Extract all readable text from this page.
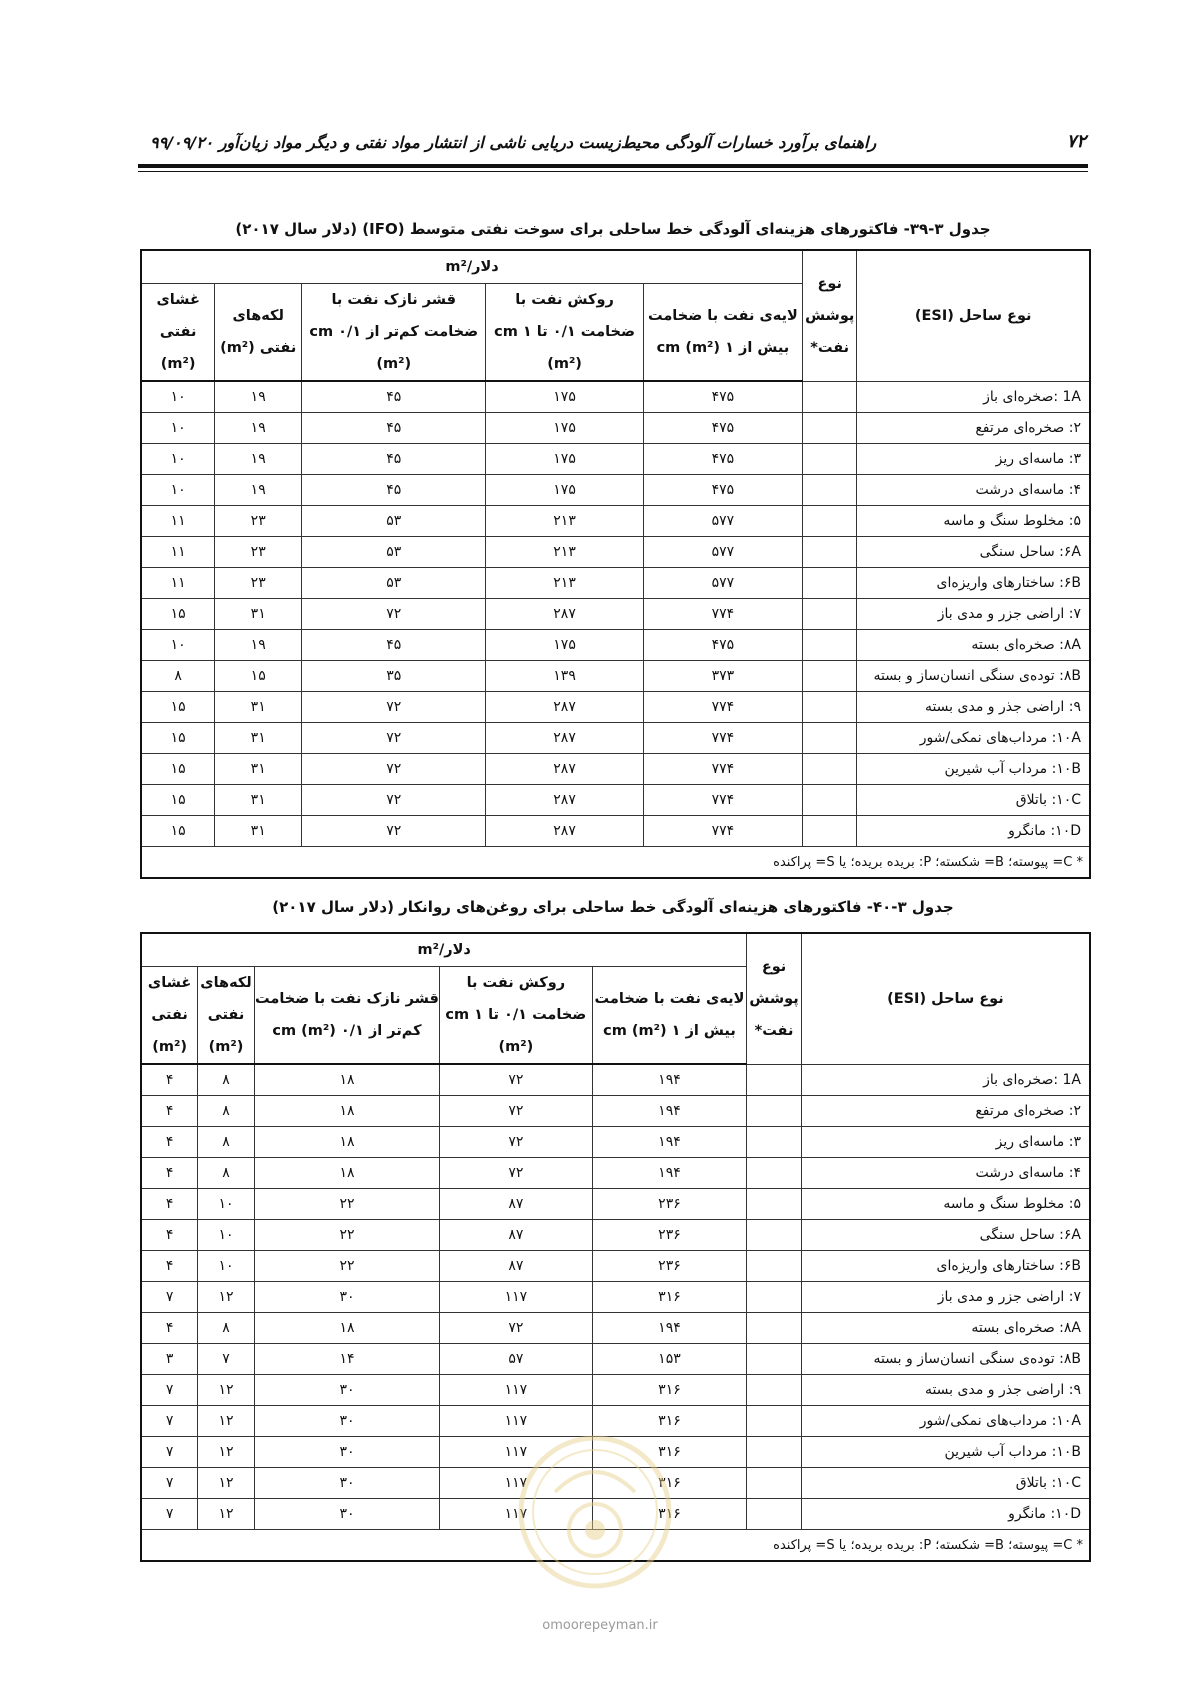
۷۲
راهنمای برآورد خسارات آلودگی محیط‌زیست دریایی ناشی از انتشار مواد نفتی و دیگر مواد زیان‌آور ۹۹/۰۹/۲۰
جدول ۳-۳۹- فاکتورهای هزینه‌ای آلودگی خط ساحلی برای سوخت نفتی متوسط (IFO) (دلار سال ۲۰۱۷)
نوع ساحل (ESI)	نوع پوشش نفت*	دلار/m²				
		لایه‌ی نفت با ضخامت بیش از ۱ cm (m²)	روکش نفت با ضخامت ۰/۱ تا ۱ cm (m²)	قشر نازک نفت با ضخامت کم‌تر از ۰/۱ cm (m²)	لکه‌های نفتی (m²)	غشای نفتی (m²)
1A :صخره‌ای باز		۴۷۵	۱۷۵	۴۵	۱۹	۱۰
۲: صخره‌ای مرتفع		۴۷۵	۱۷۵	۴۵	۱۹	۱۰
۳: ماسه‌ای ریز		۴۷۵	۱۷۵	۴۵	۱۹	۱۰
۴: ماسه‌ای درشت		۴۷۵	۱۷۵	۴۵	۱۹	۱۰
۵: مخلوط سنگ و ماسه		۵۷۷	۲۱۳	۵۳	۲۳	۱۱
۶A: ساحل سنگی		۵۷۷	۲۱۳	۵۳	۲۳	۱۱
۶B: ساختارهای واریزه‌ای		۵۷۷	۲۱۳	۵۳	۲۳	۱۱
۷: اراضی جزر و مدی باز		۷۷۴	۲۸۷	۷۲	۳۱	۱۵
۸A: صخره‌ای بسته		۴۷۵	۱۷۵	۴۵	۱۹	۱۰
۸B: توده‌ی سنگی انسان‌ساز و بسته		۳۷۳	۱۳۹	۳۵	۱۵	۸
۹: اراضی جذر و مدی بسته		۷۷۴	۲۸۷	۷۲	۳۱	۱۵
۱۰A: مرداب‌های نمکی/شور		۷۷۴	۲۸۷	۷۲	۳۱	۱۵
۱۰B: مرداب آب شیرین		۷۷۴	۲۸۷	۷۲	۳۱	۱۵
۱۰C: باتلاق		۷۷۴	۲۸۷	۷۲	۳۱	۱۵
۱۰D: مانگرو		۷۷۴	۲۸۷	۷۲	۳۱	۱۵
* C= پیوسته؛ B= شکسته؛ P: بریده بریده؛ یا S= پراکنده						
جدول ۳-۴۰- فاکتورهای هزینه‌ای آلودگی خط ساحلی برای روغن‌های روانکار (دلار سال ۲۰۱۷)
نوع ساحل (ESI)	نوع پوشش نفت*	دلار/m²				
		لایه‌ی نفت با ضخامت بیش از ۱ cm (m²)	روکش نفت با ضخامت ۰/۱ تا ۱ cm (m²)	قشر نازک نفت با ضخامت کم‌تر از ۰/۱ cm (m²)	لکه‌های نفتی (m²)	غشای نفتی (m²)
1A :صخره‌ای باز		۱۹۴	۷۲	۱۸	۸	۴
۲: صخره‌ای مرتفع		۱۹۴	۷۲	۱۸	۸	۴
۳: ماسه‌ای ریز		۱۹۴	۷۲	۱۸	۸	۴
۴: ماسه‌ای درشت		۱۹۴	۷۲	۱۸	۸	۴
۵: مخلوط سنگ و ماسه		۲۳۶	۸۷	۲۲	۱۰	۴
۶A: ساحل سنگی		۲۳۶	۸۷	۲۲	۱۰	۴
۶B: ساختارهای واریزه‌ای		۲۳۶	۸۷	۲۲	۱۰	۴
۷: اراضی جزر و مدی باز		۳۱۶	۱۱۷	۳۰	۱۲	۷
۸A: صخره‌ای بسته		۱۹۴	۷۲	۱۸	۸	۴
۸B: توده‌ی سنگی انسان‌ساز و بسته		۱۵۳	۵۷	۱۴	۷	۳
۹: اراضی جذر و مدی بسته		۳۱۶	۱۱۷	۳۰	۱۲	۷
۱۰A: مرداب‌های نمکی/شور		۳۱۶	۱۱۷	۳۰	۱۲	۷
۱۰B: مرداب آب شیرین		۳۱۶	۱۱۷	۳۰	۱۲	۷
۱۰C: باتلاق		۳۱۶	۱۱۷	۳۰	۱۲	۷
۱۰D: مانگرو		۳۱۶	۱۱۷	۳۰	۱۲	۷
* C= پیوسته؛ B= شکسته؛ P: بریده بریده؛ یا S= پراکنده						
omoorepeyman.ir
